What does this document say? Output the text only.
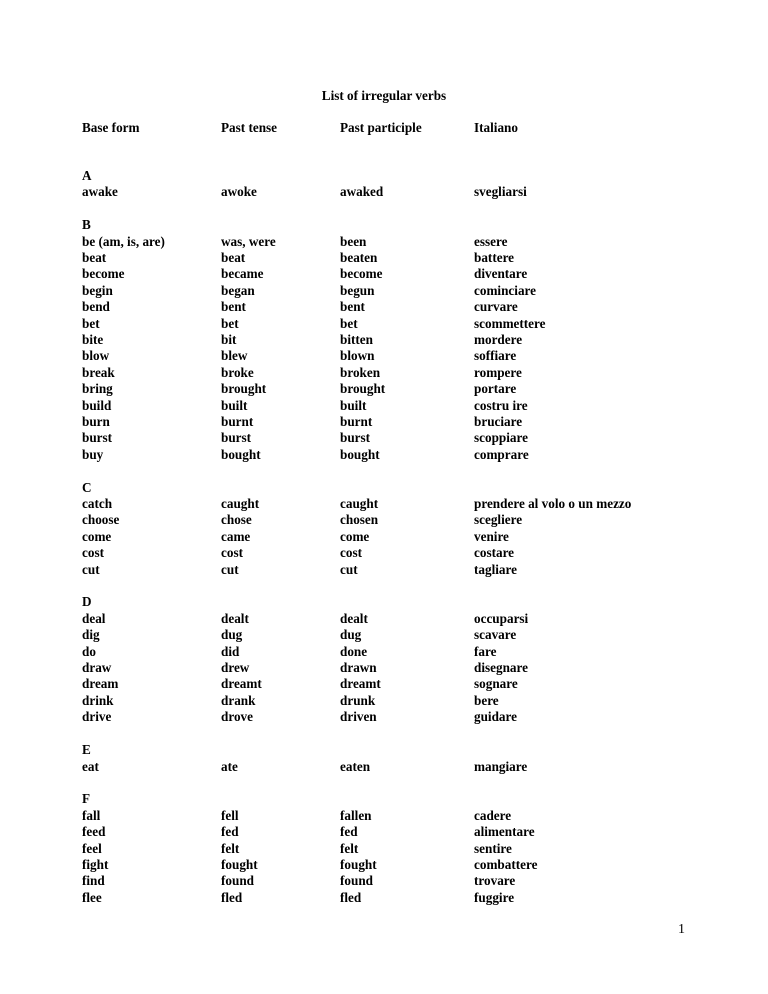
List of irregular verbs
Base form	Past tense	Past participle	Italiano
A
awake	awoke	awaked	svegliarsi
B
be (am, is, are)	was, were	been	essere
beat	beat	beaten	battere
become	became	become	diventare
begin	began	begun	cominciare
bend	bent	bent	curvare
bet	bet	bet	scommettere
bite	bit	bitten	mordere
blow	blew	blown	soffiare
break	broke	broken	rompere
bring	brought	brought	portare
build	built	built	costru ire
burn	burnt	burnt	bruciare
burst	burst	burst	scoppiare
buy	bought	bought	comprare
C
catch	caught	caught	prendere al volo o un mezzo
choose	chose	chosen	scegliere
come	came	come	venire
cost	cost	cost	costare
cut	cut	cut	tagliare
D
deal	dealt	dealt	occuparsi
dig	dug	dug	scavare
do	did	done	fare
draw	drew	drawn	disegnare
dream	dreamt	dreamt	sognare
drink	drank	drunk	bere
drive	drove	driven	guidare
E
eat	ate	eaten	mangiare
F
fall	fell	fallen	cadere
feed	fed	fed	alimentare
feel	felt	felt	sentire
fight	fought	fought	combattere
find	found	found	trovare
flee	fled	fled	fuggire
1
